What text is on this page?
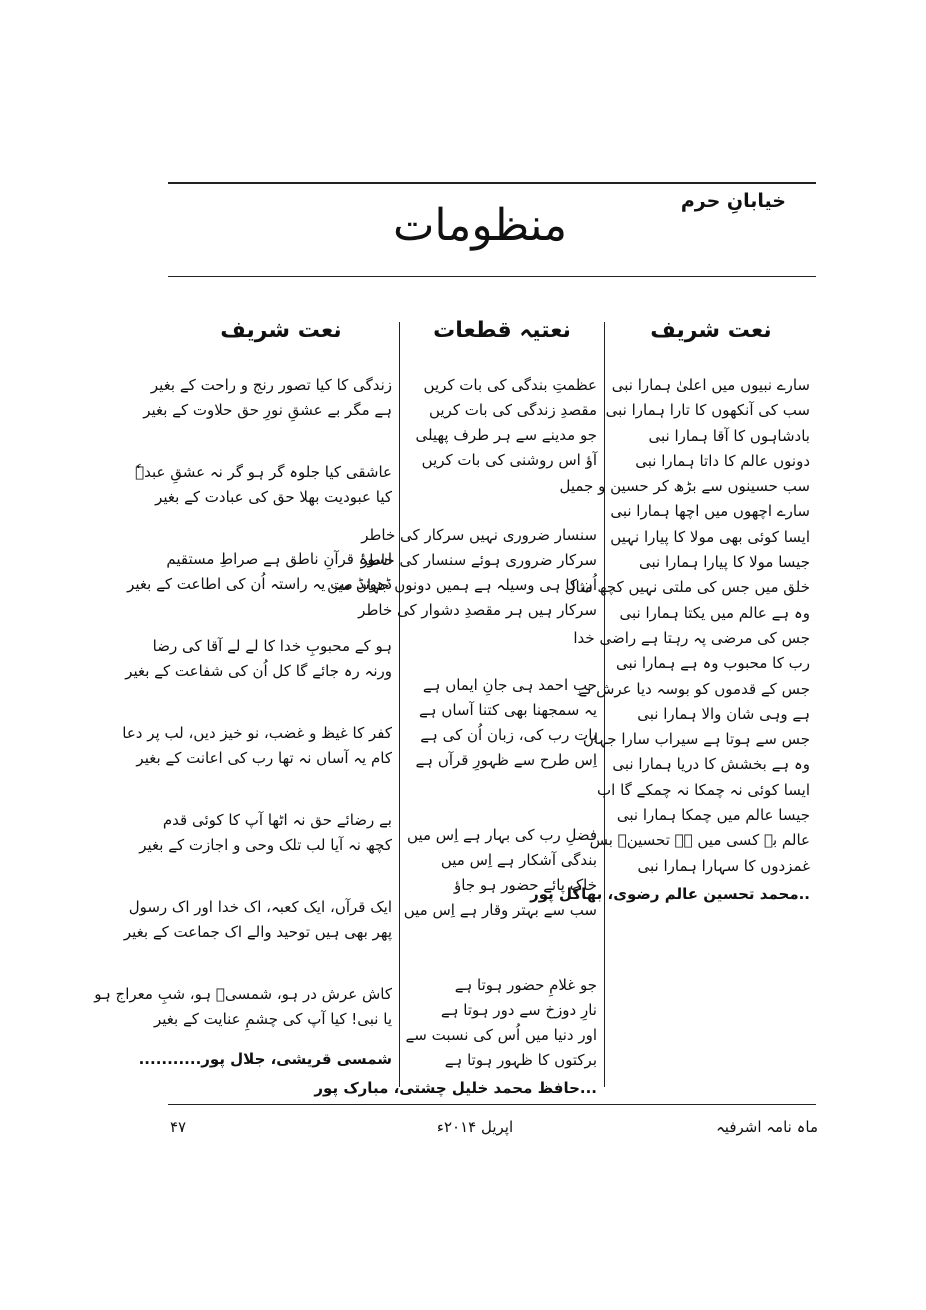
خیابانِ حرم
منظومات
نعت شریف
سارے نبیوں میں اعلیٰ ہمارا نبی
سب کی آنکھوں کا تارا ہمارا نبی
بادشاہوں کا آقا ہمارا نبی
دونوں عالم کا داتا ہمارا نبی
سب حسینوں سے بڑھ کر حسین و جمیل
سارے اچھوں میں اچھا ہمارا نبی
ایسا کوئی بھی مولا کا پیارا نہیں
جیسا مولا کا پیارا ہمارا نبی
خلق میں جس کی ملتی نہیں کچھ مثال
وہ ہے عالم میں یکتا ہمارا نبی
جس کی مرضی پہ رہتا ہے راضی خدا
رب کا محبوب وہ ہے ہمارا نبی
جس کے قدموں کو بوسہ دیا عرش نے
ہے وہی شان والا ہمارا نبی
جس سے ہوتا ہے سیراب سارا جہاں
وہ ہے بخشش کا دریا ہمارا نبی
ایسا کوئی نہ چمکا نہ چمکے گا اب
جیسا عالم میں چمکا ہمارا نبی
عالم بے کسی میں ہے تحسینؔ بس
غمزدوں کا سہارا ہمارا نبی
..محمد تحسین عالم رضوی، بھاگل پور
نعتیہ قطعات
عظمتِ بندگی کی بات کریں
مقصدِ زندگی کی بات کریں
جو مدینے سے ہر طرف پھیلی
آؤ اس روشنی کی بات کریں
سنسار ضروری نہیں سرکار کی خاطر
سرکار ضروری ہوئے سنسار کی خاطر
اُن کا ہی وسیلہ ہے ہمیں دونوں جہاں میں
سرکار ہیں ہر مقصدِ دشوار کی خاطر
حبِ احمد ہی جانِ ایماں ہے
یہ سمجھنا بھی کتنا آساں ہے
بات رب کی، زبان اُن کی ہے
اِس طرح سے ظہورِ قرآں ہے
فضلِ رب کی بہار ہے اِس میں
بندگی آشکار ہے اِس میں
خاکِ پائے حضور ہو جاؤ
سب سے بہتر وقار ہے اِس میں
جو غلامِ حضور ہوتا ہے
نارِ دوزخ سے دور ہوتا ہے
اور دنیا میں اُس کی نسبت سے
برکتوں کا ظہور ہوتا ہے
...حافظ محمد خلیل چشتی، مبارک پور
نعت شریف
زندگی کا کیا تصور رنج و راحت کے بغیر
ہے مگر بے عشقِ نورِ حق حلاوت کے بغیر
عاشقی کیا جلوہ گر ہو گر نہ عشقِ عبدہٗ
کیا عبودیت بھلا حق کی عبادت کے بغیر
اسوۂ قرآنِ ناطق ہے صراطِ مستقیم
ڈھونڈ مت یہ راستہ اُن کی اطاعت کے بغیر
ہو کے محبوبِ خدا کا لے لے آقا کی رضا
ورنہ رہ جائے گا کل اُن کی شفاعت کے بغیر
کفر کا غیظ و غضب، نو خیز دیں، لب پر دعا
کام یہ آساں نہ تھا رب کی اعانت کے بغیر
بے رضائے حق نہ اٹھا آپ کا کوئی قدم
کچھ نہ آیا لب تلک وحی و اجازت کے بغیر
ایک قرآں، ایک کعبہ، اک خدا اور اک رسول
پھر بھی ہیں توحید والے اک جماعت کے بغیر
کاش عرش در ہو، شمسیؔ ہو، شبِ معراج ہو
یا نبی! کیا آپ کی چشمِ عنایت کے بغیر
شمسی قریشی، جلال پور...........
ماہ نامہ اشرفیہ
اپریل ۲۰۱۴ء
۴۷
